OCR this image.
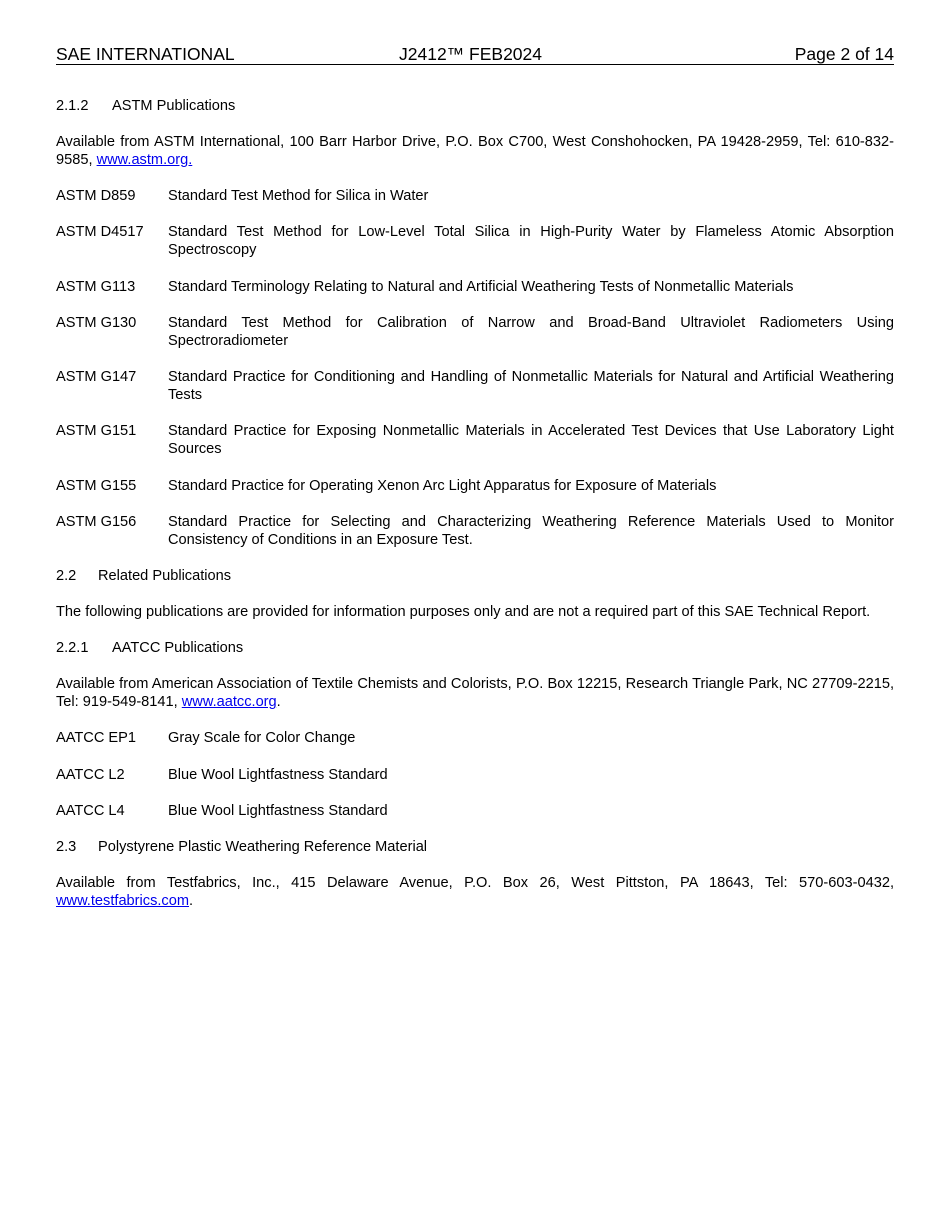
SAE INTERNATIONAL	J2412™ FEB2024	Page 2 of 14
2.1.2 ASTM Publications

Available from ASTM International, 100 Barr Harbor Drive, P.O. Box C700, West Conshohocken, PA 19428-2959, Tel: 610-832-9585, www.astm.org.

ASTM D859	Standard Test Method for Silica in Water
ASTM D4517	Standard Test Method for Low-Level Total Silica in High-Purity Water by Flameless Atomic Absorption Spectroscopy
ASTM G113	Standard Terminology Relating to Natural and Artificial Weathering Tests of Nonmetallic Materials
ASTM G130	Standard Test Method for Calibration of Narrow and Broad-Band Ultraviolet Radiometers Using Spectroradiometer
ASTM G147	Standard Practice for Conditioning and Handling of Nonmetallic Materials for Natural and Artificial Weathering Tests
ASTM G151	Standard Practice for Exposing Nonmetallic Materials in Accelerated Test Devices that Use Laboratory Light Sources
ASTM G155	Standard Practice for Operating Xenon Arc Light Apparatus for Exposure of Materials
ASTM G156	Standard Practice for Selecting and Characterizing Weathering Reference Materials Used to Monitor Consistency of Conditions in an Exposure Test.
2.2 Related Publications

The following publications are provided for information purposes only and are not a required part of this SAE Technical Report.

2.2.1 AATCC Publications

Available from American Association of Textile Chemists and Colorists, P.O. Box 12215, Research Triangle Park, NC 27709-2215, Tel: 919-549-8141, www.aatcc.org.

AATCC EP1	Gray Scale for Color Change
AATCC L2	Blue Wool Lightfastness Standard
AATCC L4	Blue Wool Lightfastness Standard
2.3 Polystyrene Plastic Weathering Reference Material

Available from Testfabrics, Inc., 415 Delaware Avenue, P.O. Box 26, West Pittston, PA 18643, Tel: 570-603-0432, www.testfabrics.com.
